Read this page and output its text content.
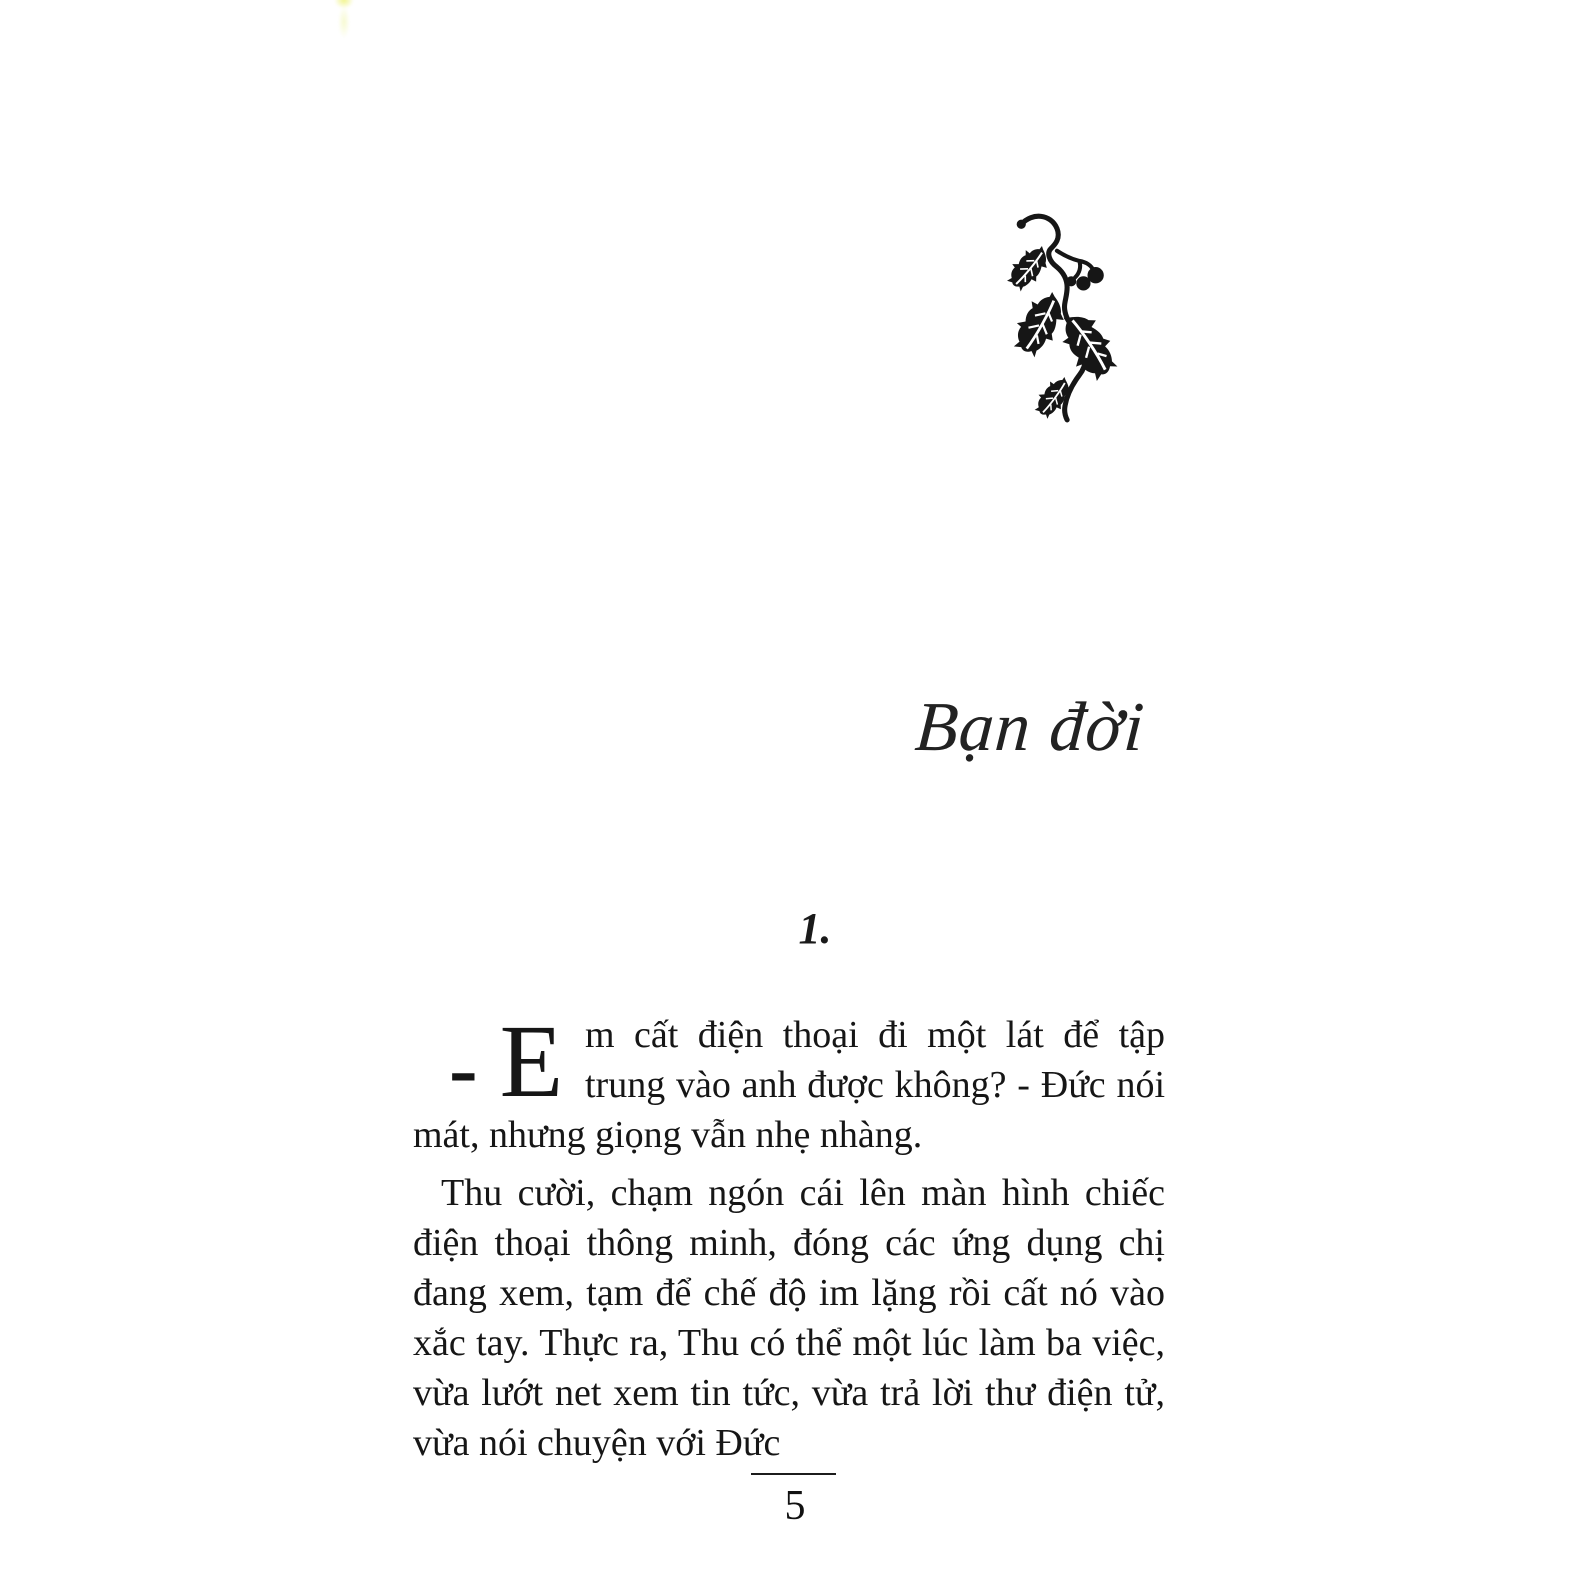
Bạn đời
1.

- E m cất điện thoại đi một lát để tập trung vào anh được không? - Đức nói mát, nhưng giọng vẫn nhẹ nhàng.

Thu cười, chạm ngón cái lên màn hình chiếc điện thoại thông minh, đóng các ứng dụng chị đang xem, tạm để chế độ im lặng rồi cất nó vào xắc tay. Thực ra, Thu có thể một lúc làm ba việc, vừa lướt net xem tin tức, vừa trả lời thư điện tử, vừa nói chuyện với Đức

5
